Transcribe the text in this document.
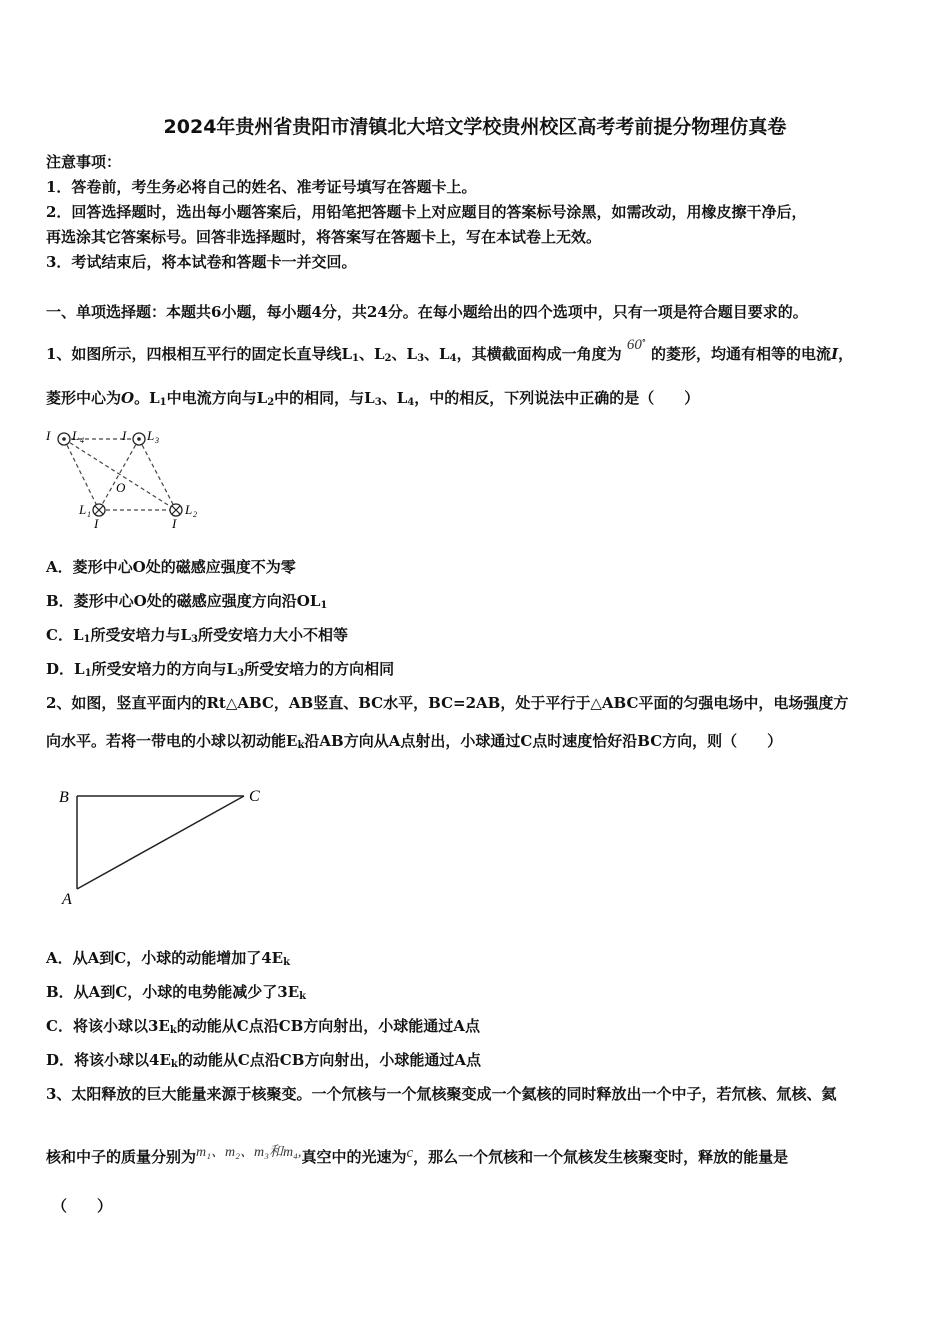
2024年贵州省贵阳市清镇北大培文学校贵州校区高考考前提分物理仿真卷
注意事项：
1．答卷前，考生务必将自己的姓名、准考证号填写在答题卡上。
2．回答选择题时，选出每小题答案后，用铅笔把答题卡上对应题目的答案标号涂黑，如需改动，用橡皮擦干净后，
再选涂其它答案标号。回答非选择题时，将答案写在答题卡上，写在本试卷上无效。
3．考试结束后，将本试卷和答题卡一并交回。
一、单项选择题：本题共6小题，每小题4分，共24分。在每小题给出的四个选项中，只有一项是符合题目要求的。
1、如图所示，四根相互平行的固定长直导线$L_1$、$L_2$、$L_3$、$L_4$，其横截面构成一角度为 60° 的菱形，均通有相等的电流I，
菱形中心为O。$L_1$中电流方向与$L_2$中的相同，与$L_3$、$L_4$，中的相反，下列说法中正确的是（　　）
I L 4	I L 3
O
L 1
I	I
L 2
A．菱形中心O处的磁感应强度不为零
B．菱形中心O处的磁感应强度方向沿$OL_1$
C．$L_1$所受安培力与$L_3$所受安培力大小不相等
D．$L_1$所受安培力的方向与$L_3$所受安培力的方向相同
2、如图，竖直平面内的Rt△ABC，AB竖直、BC水平，BC=2AB，处于平行于△ABC平面的匀强电场中，电场强度方
向水平。若将一带电的小球以初动能$E_k$沿AB方向从A点射出，小球通过C点时速度恰好沿BC方向，则（　　）
B	C
A
A．从A到C，小球的动能增加了$4E_k$
B．从A到C，小球的电势能减少了$3E_k$
C．将该小球以$3E_k$的动能从C点沿CB方向射出，小球能通过A点
D．将该小球以$4E_k$的动能从C点沿CB方向射出，小球能通过A点
3、太阳释放的巨大能量来源于核聚变。一个氘核与一个氚核聚变成一个氦核的同时释放出一个中子，若氘核、氚核、氦
核和中子的质量分别为m₁、m₂、m₃和m₄,真空中的光速为c，那么一个氘核和一个氚核发生核聚变时，释放的能量是
（　　）
